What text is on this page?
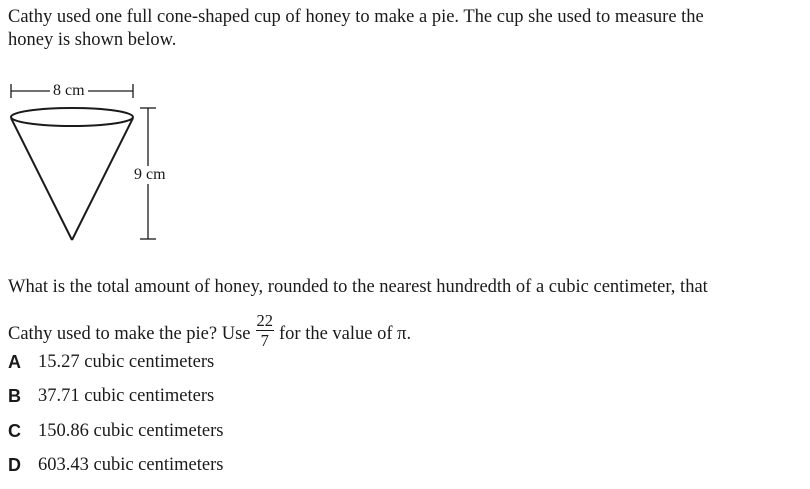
Cathy used one full cone-shaped cup of honey to make a pie. The cup she used to measure the
honey is shown below.
8 cm
9 cm
What is the total amount of honey, rounded to the nearest hundredth of a cubic centimeter, that
Cathy used to make the pie? Use $\frac{22}{7}$ for the value of π.
A 15.27 cubic centimeters
B 37.71 cubic centimeters
C 150.86 cubic centimeters
D 603.43 cubic centimeters
